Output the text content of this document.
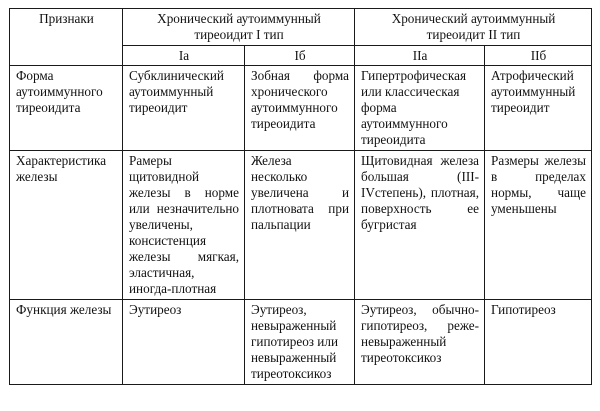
Признаки	Хронический аутоиммунный тиреоидит I тип		Хронический аутоиммунный тиреоидит II тип	
	Iа	Iб	IIа	IIб
Форма аутоиммунного тиреоидита	Субклинический аутоиммунный тиреоидит	Зобная форма хронического аутоиммунного тиреоидита	Гипертрофическая или классическая форма аутоиммунного тиреоидита	Атрофический аутоиммунный тиреоидит
Характеристика железы	Рамеры щитовидной железы в норме или незначительно увеличены, консистенция железы мягкая, эластичная, иногда-плотная	Железа несколько увеличена и плотновата при пальпации	Щитовидная железа большая (III-IVстепень), плотная, поверхность ее бугристая	Размеры железы в пределах нормы, чаще уменьшены
Функция железы	Эутиреоз	Эутиреоз, невыраженный гипотиреоз или невыраженный тиреотоксикоз	Эутиреоз, обычно-гипотиреоз, реже-невыраженный тиреотоксикоз	Гипотиреоз
